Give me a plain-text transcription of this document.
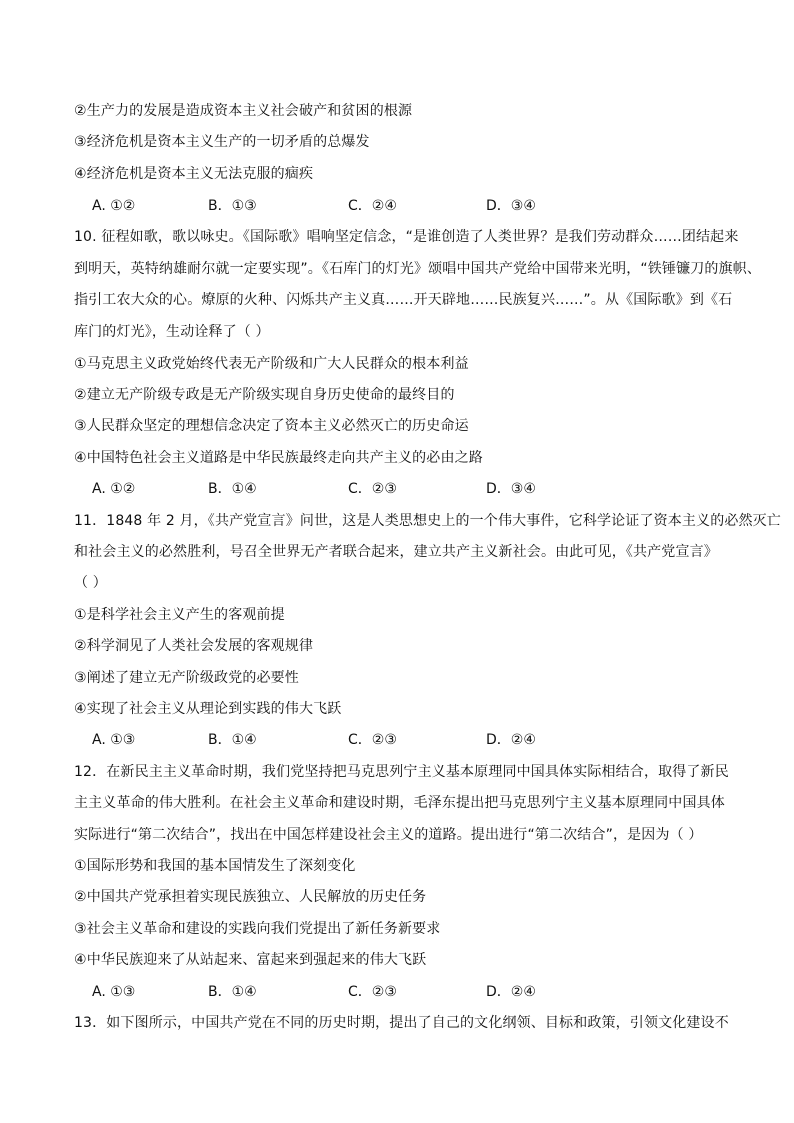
②生产力的发展是造成资本主义社会破产和贫困的根源
③经济危机是资本主义生产的一切矛盾的总爆发
④经济危机是资本主义无法克服的痼疾
A. ①②	B．①③	C．②④	D．③④
10. 征程如歌，歌以咏史。《国际歌》唱响坚定信念，“是谁创造了人类世界？是我们劳动群众……团结起来
到明天，英特纳雄耐尔就一定要实现”。《石库门的灯光》颂唱中国共产党给中国带来光明，“铁锤镰刀的旗帜、
指引工农大众的心。燎原的火种、闪烁共产主义真……开天辟地……民族复兴……”。从《国际歌》到《石
库门的灯光》，生动诠释了（ ）
①马克思主义政党始终代表无产阶级和广大人民群众的根本利益
②建立无产阶级专政是无产阶级实现自身历史使命的最终目的
③人民群众坚定的理想信念决定了资本主义必然灭亡的历史命运
④中国特色社会主义道路是中华民族最终走向共产主义的必由之路
A. ①②	B．①④	C．②③	D．③④
11．1848 年 2 月，《共产党宣言》问世，这是人类思想史上的一个伟大事件，它科学论证了资本主义的必然灭亡
和社会主义的必然胜利，号召全世界无产者联合起来，建立共产主义新社会。由此可见，《共产党宣言》
（ ）
①是科学社会主义产生的客观前提
②科学洞见了人类社会发展的客观规律
③阐述了建立无产阶级政党的必要性
④实现了社会主义从理论到实践的伟大飞跃
A. ①③	B．①④	C．②③	D．②④
12．在新民主主义革命时期，我们党坚持把马克思列宁主义基本原理同中国具体实际相结合，取得了新民
主主义革命的伟大胜利。在社会主义革命和建设时期，毛泽东提出把马克思列宁主义基本原理同中国具体
实际进行“第二次结合”，找出在中国怎样建设社会主义的道路。提出进行“第二次结合”，是因为（ ）
①国际形势和我国的基本国情发生了深刻变化
②中国共产党承担着实现民族独立、人民解放的历史任务
③社会主义革命和建设的实践向我们党提出了新任务新要求
④中华民族迎来了从站起来、富起来到强起来的伟大飞跃
A. ①③	B．①④	C．②③	D．②④
13．如下图所示，中国共产党在不同的历史时期，提出了自己的文化纲领、目标和政策，引领文化建设不
